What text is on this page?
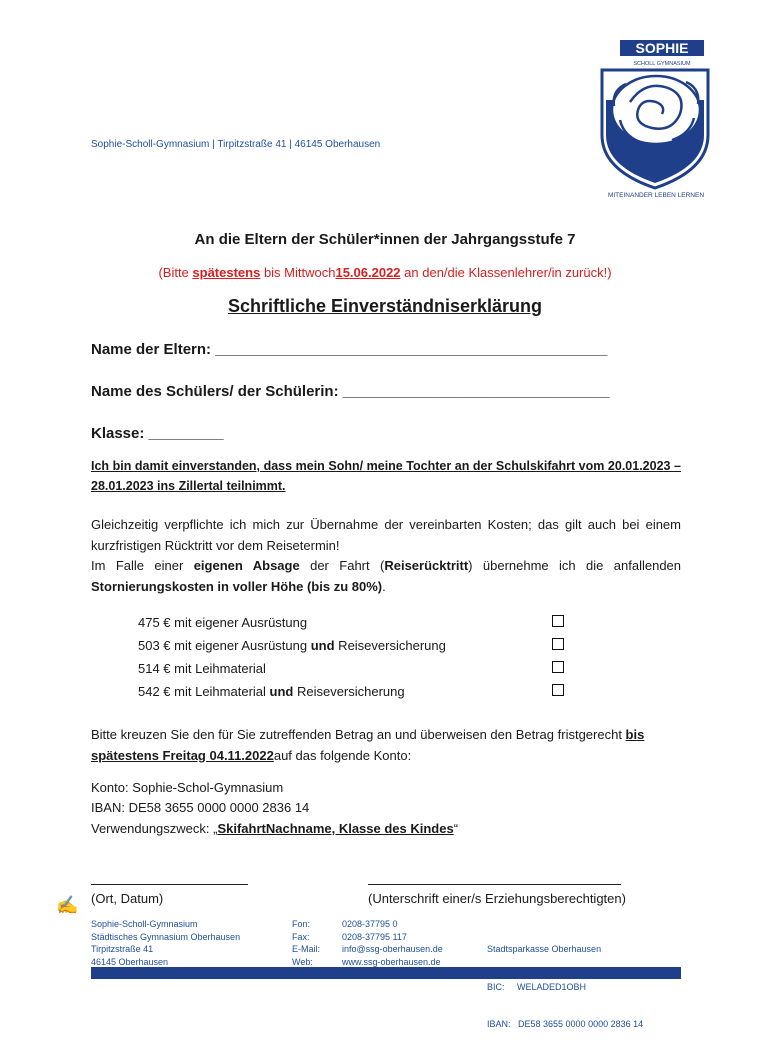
Sophie-Scholl-Gymnasium | Tirpitzstraße 41 | 46145 Oberhausen
SOPHIE
SCHOLL GYMNASIUM
MITEINANDER LEBEN LERNEN
An die Eltern der Schüler*innen der Jahrgangsstufe 7
(Bitte spätestens bis Mittwoch15.06.2022 an den/die Klassenlehrer/in zurück!)
Schriftliche Einverständniserklärung
Name der Eltern: _______________________________________________
Name des Schülers/ der Schülerin: ________________________________
Klasse: _________
Ich bin damit einverstanden, dass mein Sohn/ meine Tochter an der Schulskifahrt vom 20.01.2023 – 28.01.2023 ins Zillertal teilnimmt.
Gleichzeitig verpflichte ich mich zur Übernahme der vereinbarten Kosten; das gilt auch bei einem kurzfristigen Rücktritt vor dem Reisetermin!
Im Falle einer eigenen Absage der Fahrt (Reiserücktritt) übernehme ich die anfallenden Stornierungskosten in voller Höhe (bis zu 80%).
475 € mit eigener Ausrüstung
503 € mit eigener Ausrüstung und Reiseversicherung
514 € mit Leihmaterial
542 € mit Leihmaterial und Reiseversicherung
Bitte kreuzen Sie den für Sie zutreffenden Betrag an und überweisen den Betrag fristgerecht bis spätestens Freitag 04.11.2022auf das folgende Konto:
Konto: Sophie-Schol-Gymnasium
IBAN: DE58 3655 0000 0000 2836 14
Verwendungszweck: „SkifahrtNachname, Klasse des Kindes“
✍ (Ort, Datum)	(Unterschrift einer/s Erziehungsberechtigten)
Sophie-Scholl-Gymnasium
Städtisches Gymnasium Oberhausen
Tirpitzstraße 41
46145 Oberhausen
Fon:
Fax:
E-Mail:
Web:
0208-37795 0
0208-37795 117
info@ssg-oberhausen.de
www.ssg-oberhausen.de

Stadtsparkasse Oberhausen

BIC:     WELADED1OBH

IBAN:   DE58 3655 0000 0000 2836 14
